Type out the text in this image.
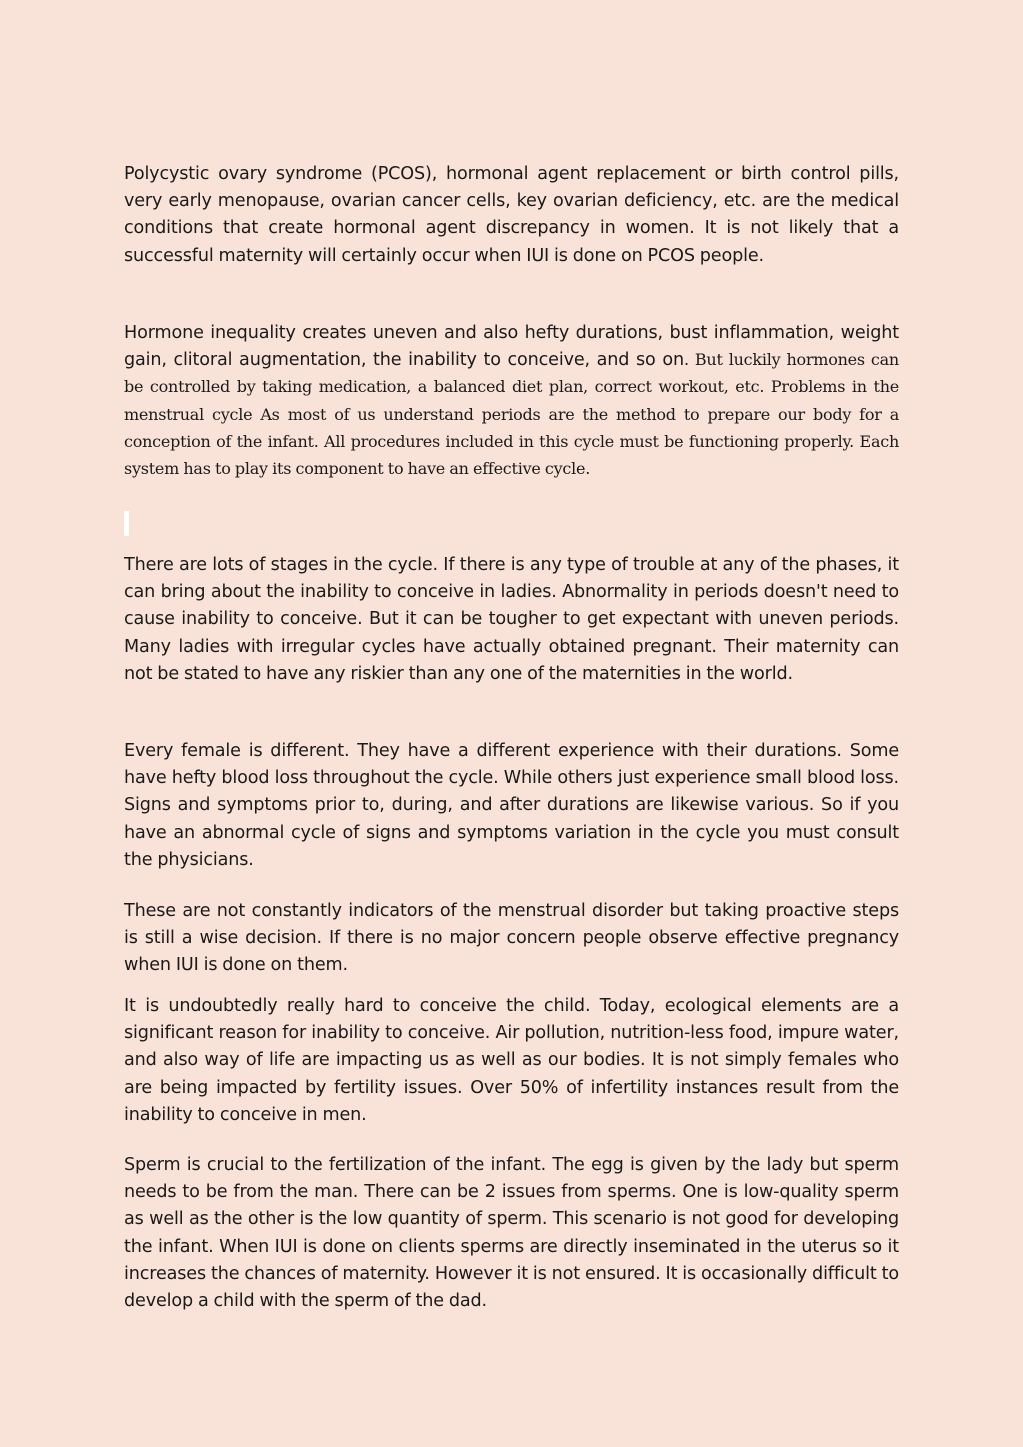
Polycystic ovary syndrome (PCOS), hormonal agent replacement or birth control pills, very early menopause, ovarian cancer cells, key ovarian deficiency, etc. are the medical conditions that create hormonal agent discrepancy in women. It is not likely that a successful maternity will certainly occur when IUI is done on PCOS people.

Hormone inequality creates uneven and also hefty durations, bust inflammation, weight gain, clitoral augmentation, the inability to conceive, and so on. But luckily hormones can be controlled by taking medication, a balanced diet plan, correct workout, etc. Problems in the menstrual cycle As most of us understand periods are the method to prepare our body for a conception of the infant. All procedures included in this cycle must be functioning properly. Each system has to play its component to have an effective cycle.

There are lots of stages in the cycle. If there is any type of trouble at any of the phases, it can bring about the inability to conceive in ladies. Abnormality in periods doesn't need to cause inability to conceive. But it can be tougher to get expectant with uneven periods. Many ladies with irregular cycles have actually obtained pregnant. Their maternity can not be stated to have any riskier than any one of the maternities in the world.

Every female is different. They have a different experience with their durations. Some have hefty blood loss throughout the cycle. While others just experience small blood loss. Signs and symptoms prior to, during, and after durations are likewise various. So if you have an abnormal cycle of signs and symptoms variation in the cycle you must consult the physicians.

These are not constantly indicators of the menstrual disorder but taking proactive steps is still a wise decision. If there is no major concern people observe effective pregnancy when IUI is done on them.

It is undoubtedly really hard to conceive the child. Today, ecological elements are a significant reason for inability to conceive. Air pollution, nutrition-less food, impure water, and also way of life are impacting us as well as our bodies. It is not simply females who are being impacted by fertility issues. Over 50% of infertility instances result from the inability to conceive in men.

Sperm is crucial to the fertilization of the infant. The egg is given by the lady but sperm needs to be from the man. There can be 2 issues from sperms. One is low-quality sperm as well as the other is the low quantity of sperm. This scenario is not good for developing the infant. When IUI is done on clients sperms are directly inseminated in the uterus so it increases the chances of maternity. However it is not ensured. It is occasionally difficult to develop a child with the sperm of the dad.
